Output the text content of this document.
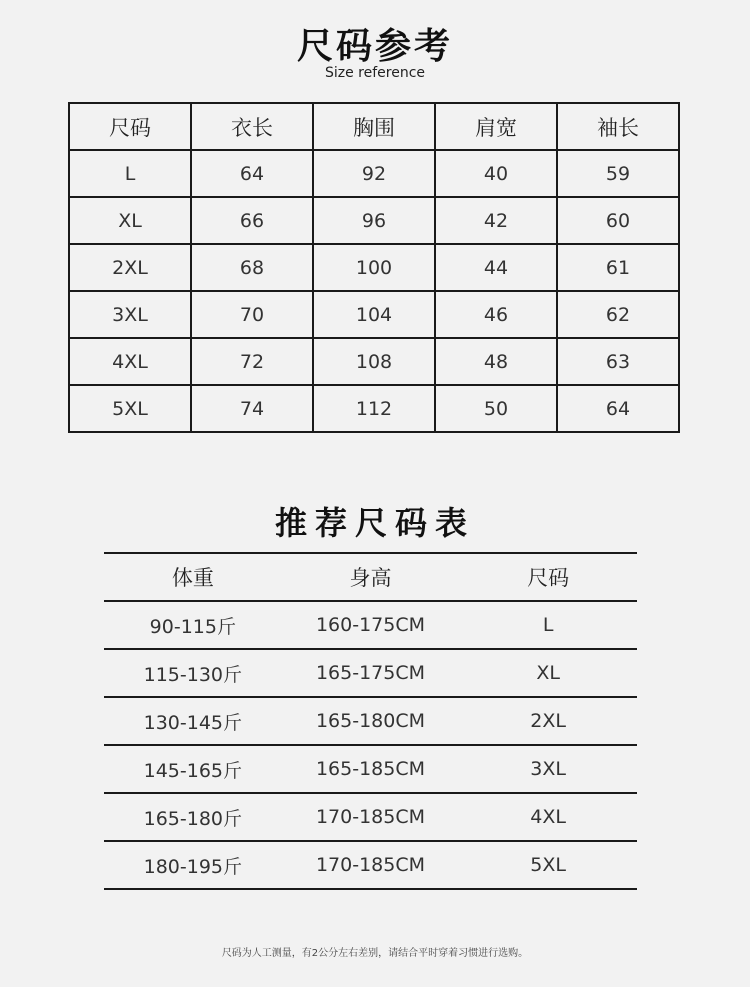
尺码参考
Size reference
尺码	衣长	胸围	肩宽	袖长
L	64	92	40	59
XL	66	96	42	60
2XL	68	100	44	61
3XL	70	104	46	62
4XL	72	108	48	63
5XL	74	112	50	64
推荐尺码表
体重	身高	尺码
90-115斤	160-175CM	L
115-130斤	165-175CM	XL
130-145斤	165-180CM	2XL
145-165斤	165-185CM	3XL
165-180斤	170-185CM	4XL
180-195斤	170-185CM	5XL
尺码为人工测量，有2公分左右差别，请结合平时穿着习惯进行选购。
